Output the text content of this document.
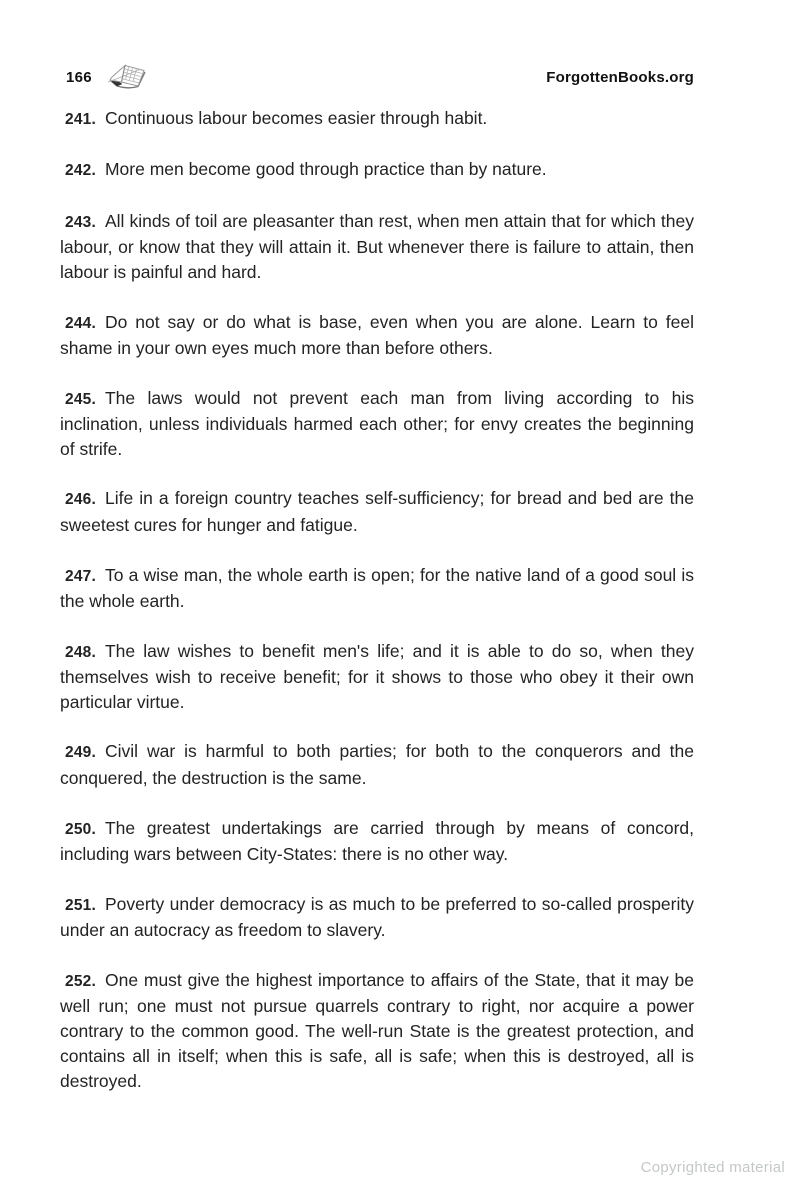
166	ForgottenBooks.org

241. Continuous labour becomes easier through habit.

242. More men become good through practice than by nature.

243. All kinds of toil are pleasanter than rest, when men attain that for which they labour, or know that they will attain it. But whenever there is failure to attain, then labour is painful and hard.

244. Do not say or do what is base, even when you are alone. Learn to feel shame in your own eyes much more than before others.

245. The laws would not prevent each man from living according to his inclination, unless individuals harmed each other; for envy creates the beginning of strife.

246. Life in a foreign country teaches self-sufficiency; for bread and bed are the sweetest cures for hunger and fatigue.

247. To a wise man, the whole earth is open; for the native land of a good soul is the whole earth.

248. The law wishes to benefit men's life; and it is able to do so, when they themselves wish to receive benefit; for it shows to those who obey it their own particular virtue.

249. Civil war is harmful to both parties; for both to the conquerors and the conquered, the destruction is the same.

250. The greatest undertakings are carried through by means of concord, including wars between City-States: there is no other way.

251. Poverty under democracy is as much to be preferred to so-called prosperity under an autocracy as freedom to slavery.

252. One must give the highest importance to affairs of the State, that it may be well run; one must not pursue quarrels contrary to right, nor acquire a power contrary to the common good. The well-run State is the greatest protection, and contains all in itself; when this is safe, all is safe; when this is destroyed, all is destroyed.

Copyrighted material
